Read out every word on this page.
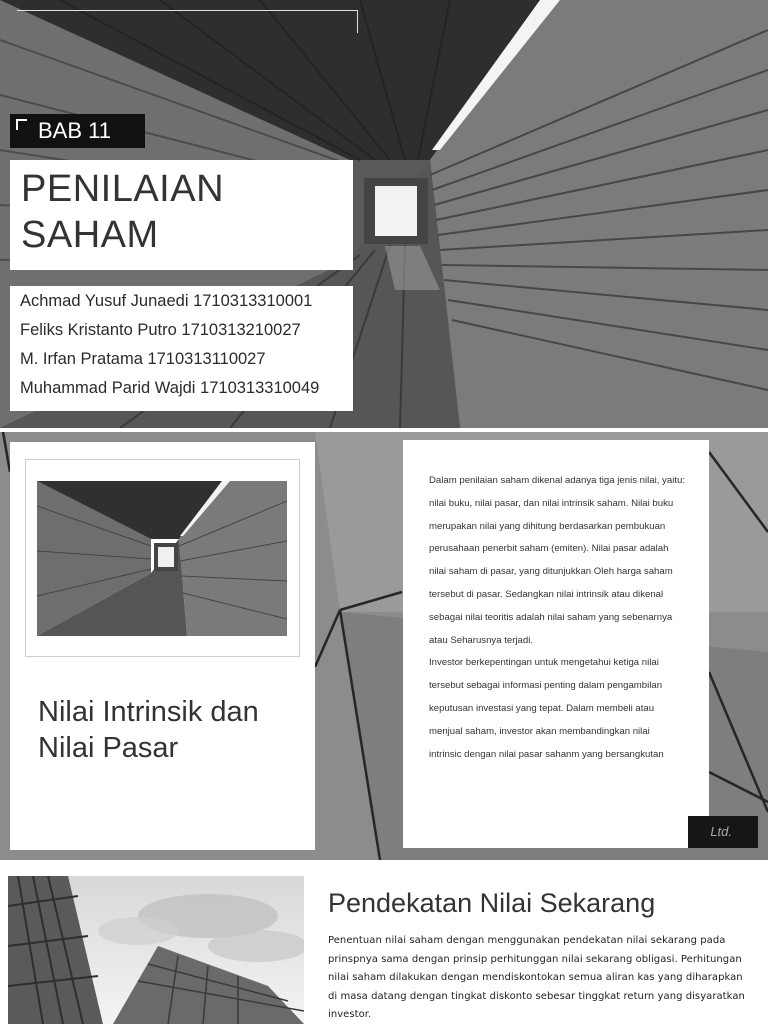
BAB 11
PENILAIAN
SAHAM
Achmad Yusuf Junaedi 1710313310001
Feliks Kristanto Putro 1710313210027
M. Irfan Pratama 1710313110027
Muhammad Parid Wajdi 1710313310049
Nilai Intrinsik dan
Nilai Pasar
Dalam penilaian saham dikenal adanya tiga jenis nilai, yaitu:
nilai buku, nilai pasar, dan nilai intrinsik saham. Nilai buku
merupakan nilai yang dihitung berdasarkan pembukuan
perusahaan penerbit saham (emiten). Nilai pasar adalah
nilai saham di pasar, yang ditunjukkan Oleh harga saham
tersebut di pasar. Sedangkan nilai intrinsik atau dikenal
sebagai nilai teoritis adalah nilai saham yang sebenarnya
atau Seharusnya terjadi.
Investor berkepentingan untuk mengetahui ketiga nilai
tersebut sebagai informasi penting dalam pengambilan
keputusan investasi yang tepat. Dalam membeli atau
menjual saham, investor akan membandingkan nilai
intrinsic dengan nilai pasar sahanm yang bersangkutan
Ltd.
Pendekatan Nilai Sekarang
Penentuan nilai saham dengan menggunakan pendekatan nilai sekarang pada
prinspnya sama dengan prinsip perhitunggan nilai sekarang obligasi. Perhitungan
nilai saham dilakukan dengan mendiskontokan semua aliran kas yang diharapkan
di masa datang dengan tingkat diskonto sebesar tinggkat return yang disyaratkan
investor.
